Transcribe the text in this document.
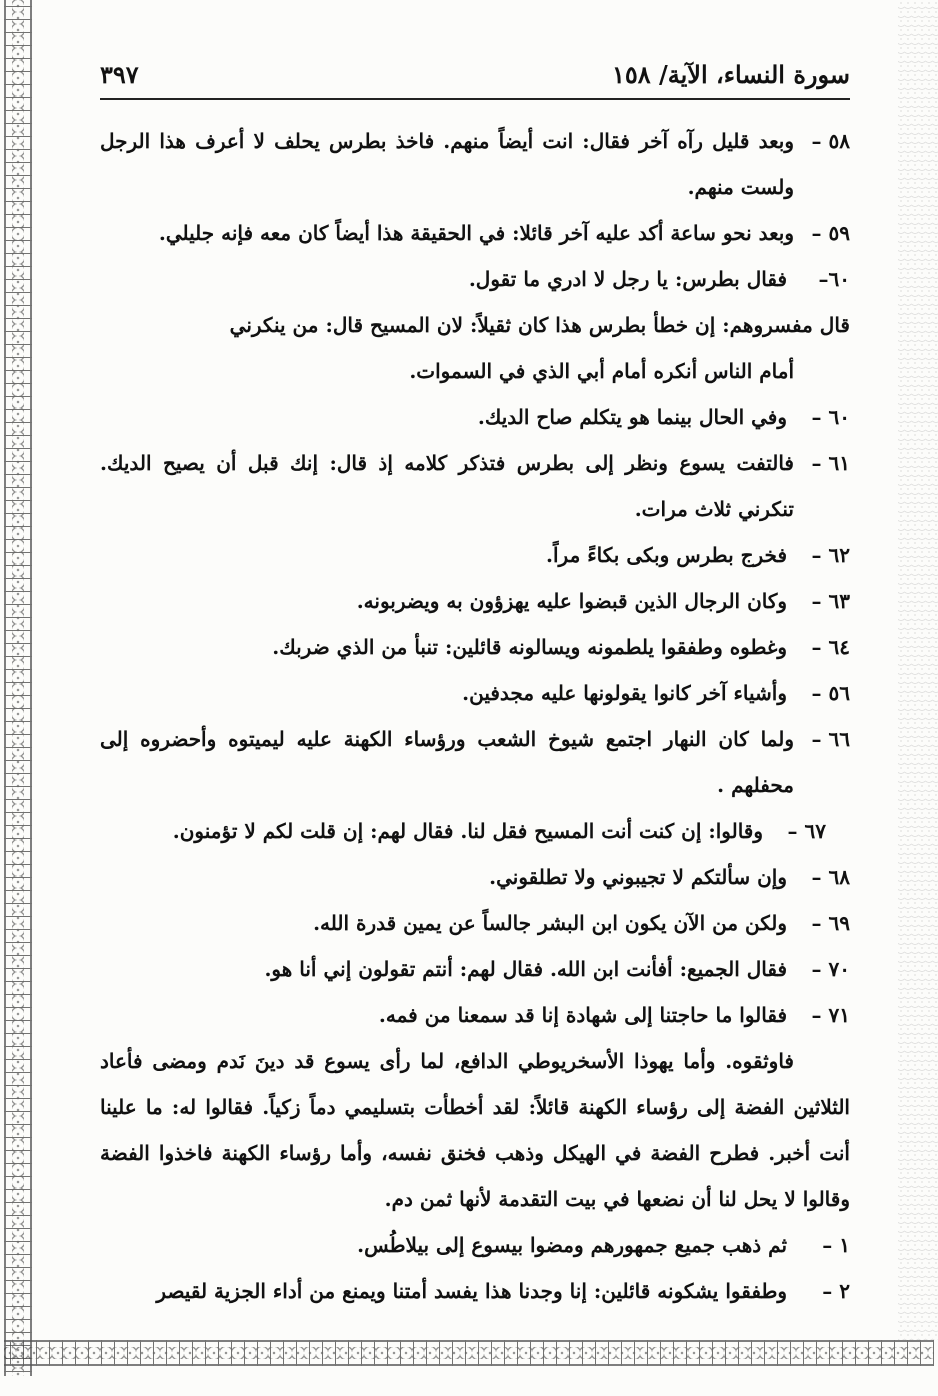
سورة النساء، الآية/ ١٥٨
٣٩٧
٥٨ –
وبعد قليل رآه آخر فقال: انت أيضاً منهم. فاخذ بطرس يحلف لا أعرف هذا الرجل ولست منهم.
٥٩ –
وبعد نحو ساعة أكد عليه آخر قائلا: في الحقيقة هذا أيضاً كان معه فإنه جليلي.
٦٠– فقال بطرس: يا رجل لا ادري ما تقول.
قال مفسروهم: إن خطأ بطرس هذا كان ثقيلاً: لان المسيح قال: من ينكرني
أمام الناس أنكره أمام أبي الذي في السموات.
٦٠ – وفي الحال بينما هو يتكلم صاح الديك.
٦١ –
فالتفت يسوع ونظر إلى بطرس فتذكر كلامه إذ قال: إنك قبل أن يصيح الديك. تنكرني ثلاث مرات.
٦٢ – فخرج بطرس وبكى بكاءً مراً.
٦٣ – وكان الرجال الذين قبضوا عليه يهزؤون به ويضربونه.
٦٤ – وغطوه وطفقوا يلطمونه ويسالونه قائلين: تنبأ من الذي ضربك.
٥٦ – وأشياء آخر كانوا يقولونها عليه مجدفين.
٦٦ –
ولما كان النهار اجتمع شيوخ الشعب ورؤساء الكهنة عليه ليميتوه وأحضروه إلى محفلهم .
٦٧ – وقالوا: إن كنت أنت المسيح فقل لنا. فقال لهم: إن قلت لكم لا تؤمنون.
٦٨ – وإن سألتكم لا تجيبوني ولا تطلقوني.
٦٩ – ولكن من الآن يكون ابن البشر جالساً عن يمين قدرة الله.
٧٠ – فقال الجميع: أفأنت ابن الله. فقال لهم: أنتم تقولون إني أنا هو.
٧١ – فقالوا ما حاجتنا إلى شهادة إنا قد سمعنا من فمه.
فاوثقوه. وأما يهوذا الأسخريوطي الدافع، لما رأى يسوع قد دينَ نَدم ومضى فأعاد الثلاثين الفضة إلى رؤساء الكهنة قائلاً: لقد أخطأت بتسليمي دماً زكياً. فقالوا له: ما علينا أنت أخبر. فطرح الفضة في الهيكل وذهب فخنق نفسه، وأما رؤساء الكهنة فاخذوا الفضة وقالوا لا يحل لنا أن نضعها في بيت التقدمة لأنها ثمن دم.
١ – ثم ذهب جميع جمهورهم ومضوا بيسوع إلى بيلاطُس.
٢ – وطفقوا يشكونه قائلين: إنا وجدنا هذا يفسد أمتنا ويمنع من أداء الجزية لقيصر
